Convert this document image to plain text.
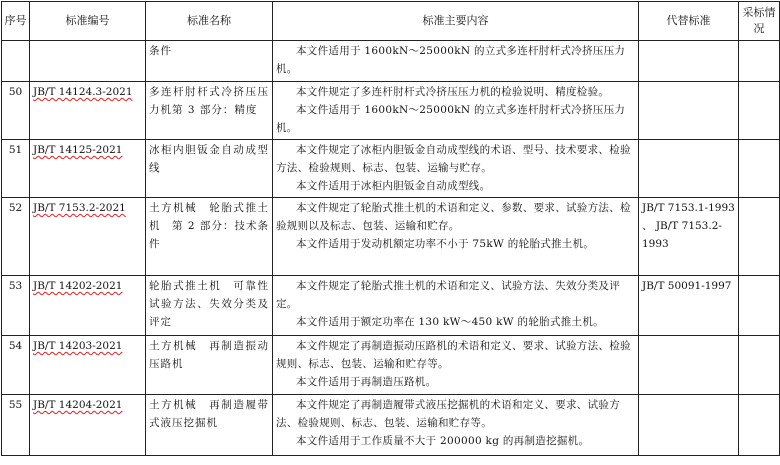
序号	标准编号	标准名称	标准主要内容	代替标准	采标情况
		条件	本文件适用于 1600kN～25000kN 的立式多连杆肘杆式冷挤压压力机。		

50	JB/T 14124.3-2021	多连杆肘杆式冷挤压压力机第 3 部分：精度	本文件规定了多连杆肘杆式冷挤压压力机的检验说明、精度检验。

本文件适用于 1600kN～25000kN 的立式多连杆肘杆式冷挤压压力机。		

51	JB/T 14125-2021	冰柜内胆钣金自动成型线	本文件规定了冰柜内胆钣金自动成型线的术语、型号、技术要求、检验方法、检验规则、标志、包装、运输与贮存。

本文件适用于冰柜内胆钣金自动成型线。		

52	JB/T 7153.2-2021	土方机械　轮胎式推土机　第 2 部分：技术条件	本文件规定了轮胎式推土机的术语和定义、参数、要求、试验方法、检验规则以及标志、包装、运输和贮存。

本文件适用于发动机额定功率不小于 75kW 的轮胎式推土机。	JB/T 7153.1-1993 、 JB/T 7153.2-1993	
53	JB/T 14202-2021	轮胎式推土机　可靠性试验方法、失效分类及评定	本文件规定了轮胎式推土机的术语和定义、试验方法、失效分类及评定。

本文件适用于额定功率在 130 kW～450 kW 的轮胎式推土机。	JB/T 50091-1997	
54	JB/T 14203-2021	土方机械　再制造振动压路机	本文件规定了再制造振动压路机的术语和定义、要求、试验方法、检验规则、标志、包装、运输和贮存等。

本文件适用于再制造压路机。		

55	JB/T 14204-2021	土方机械　再制造履带式液压挖掘机	本文件规定了再制造履带式液压挖掘机的术语和定义、要求、试验方法、检验规则、标志、包装、运输和贮存等。

本文件适用于工作质量不大于 200000 kg 的再制造挖掘机。		
